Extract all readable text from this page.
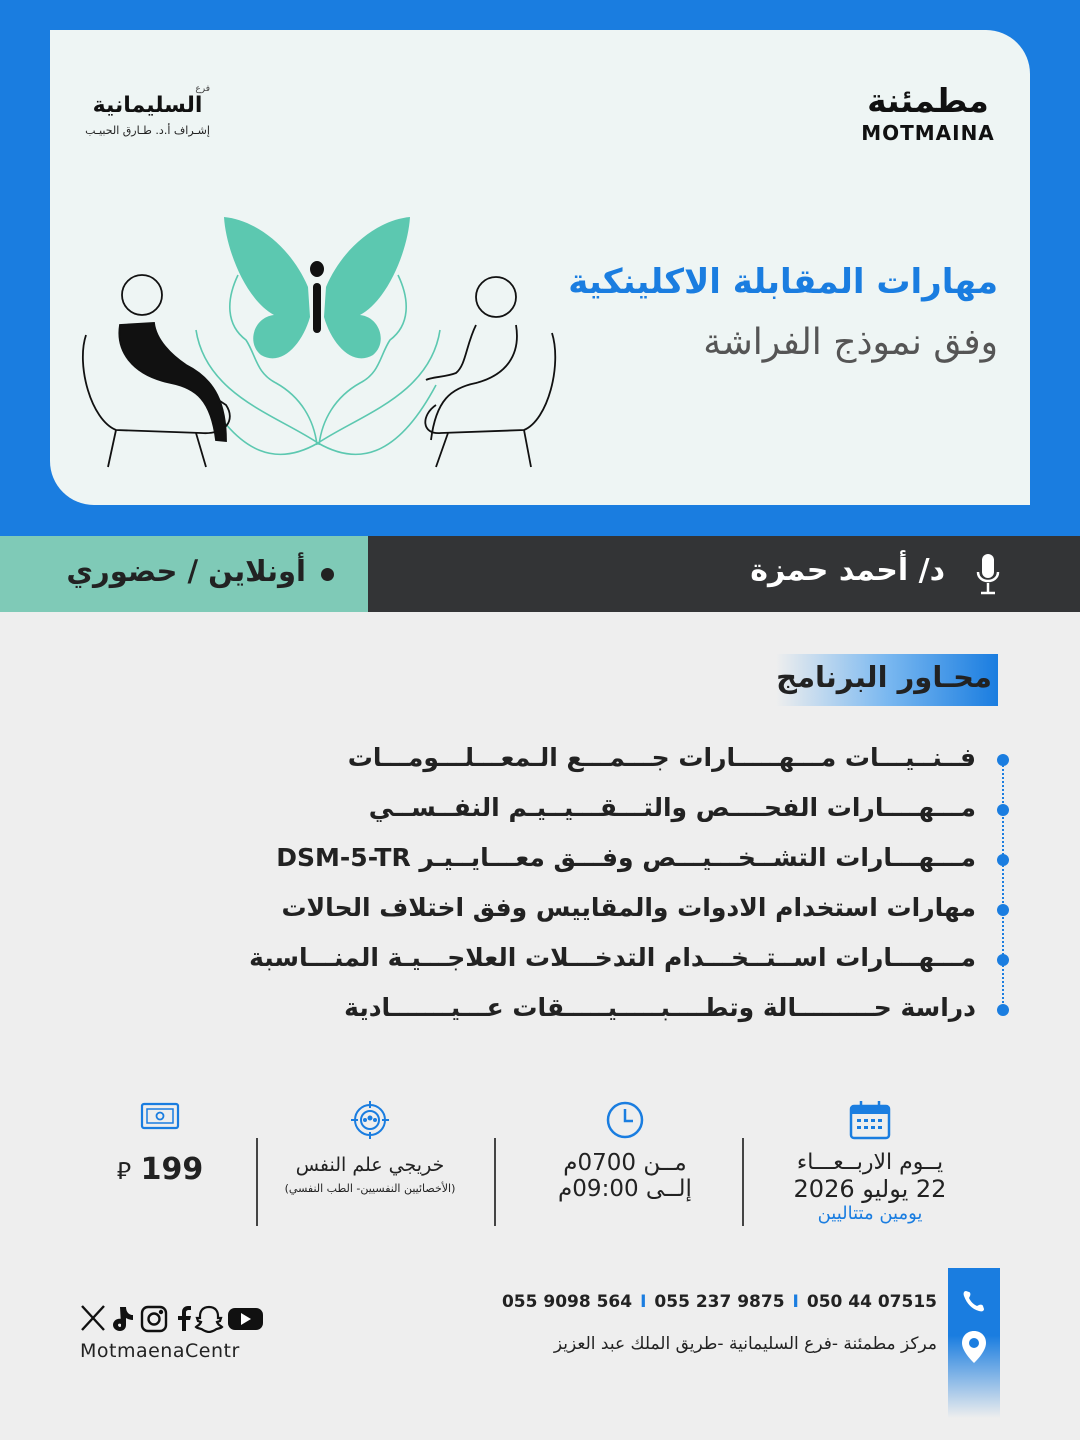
مطمئنة
MOTMAINA
فرع
السليمانية
إشـراف أ.د. طـارق الحبيـب
مهارات المقابلة الاكلينكية
وفق نموذج الفراشة
د/ أحمد حمزة
أونلاين / حضوري
محـاور البرنامج
فــنــيـــات مـــهـــــارات جـــمـــع الـمعـــلـــومـــات
مـــهــــارات الفحــــص والتـــقـــيــيـم النفــســي
مـــهـــارات التشــخـــيـــص وفـــق معـــايــيـر DSM-5-TR
مهارات استخدام الادوات والمقاييس وفق اختلاف الحالات
مـــهـــارات اســتــخـــدام التدخـــلات العلاجـــيـة المنـــاسبة
دراسة حـــــــــالة وتطــــبـــــيـــــقات عـــيـــــــادية
يــوم الاربــعـــاء
22 يوليو 2026
يومين متتاليين
مــن 0700م
إلــى 09:00م
خريجي علم النفس
(الأخصائيين النفسيين- الطب النفسي)
⃁ 199
055 9098 564 I 055 237 9875 I 050 44 07515
مركز مطمئنة -فرع السليمانية -طريق الملك عبد العزيز
MotmaenaCentr
